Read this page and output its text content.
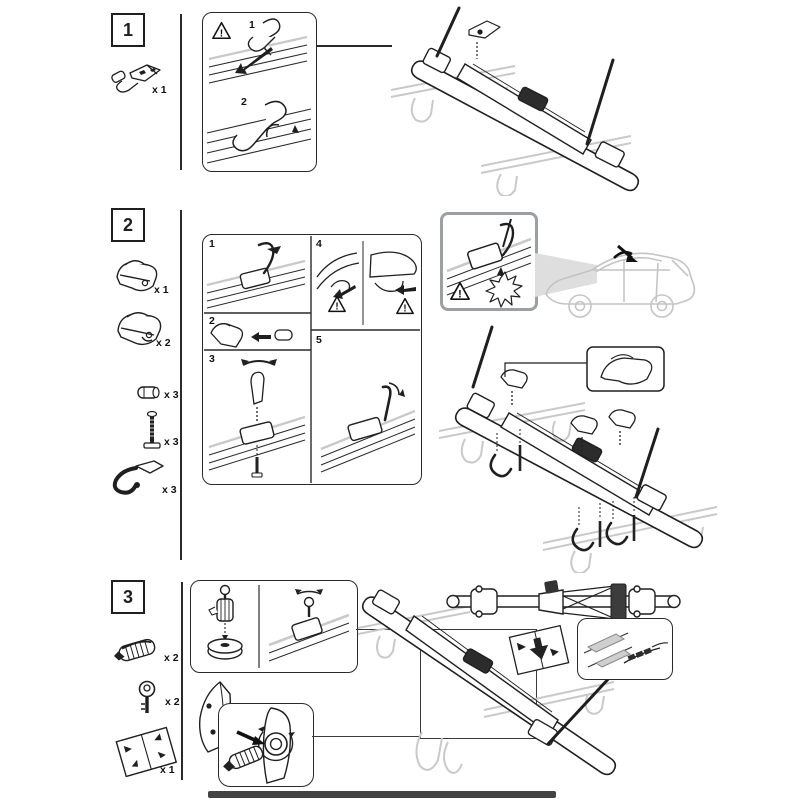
1
x 1
!
1
2
2
x 1
x 2
x 3
x 3
x 3
1
2
3
4
5
!	!
!
3
x 2
x 2
x 1
